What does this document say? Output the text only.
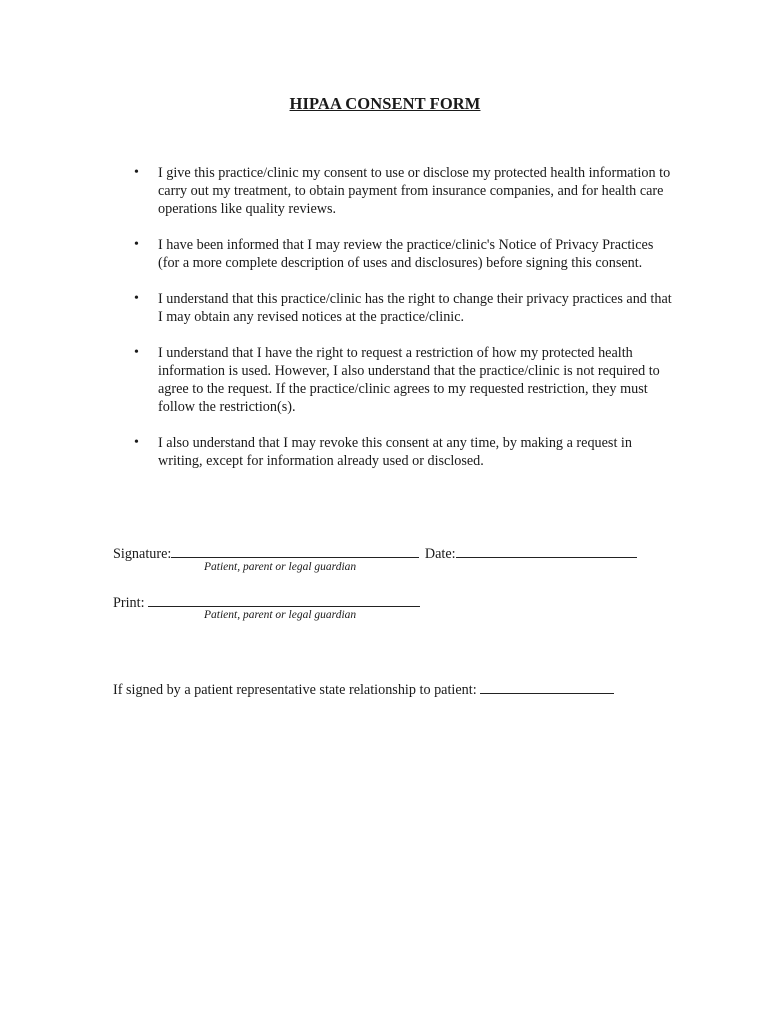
HIPAA CONSENT FORM
• I give this practice/clinic my consent to use or disclose my protected health information to carry out my treatment, to obtain payment from insurance companies, and for health care operations like quality reviews.
• I have been informed that I may review the practice/clinic's Notice of Privacy Practices (for a more complete description of uses and disclosures) before signing this consent.
• I understand that this practice/clinic has the right to change their privacy practices and that I may obtain any revised notices at the practice/clinic.
• I understand that I have the right to request a restriction of how my protected health information is used. However, I also understand that the practice/clinic is not required to agree to the request. If the practice/clinic agrees to my requested restriction, they must follow the restriction(s).
• I also understand that I may revoke this consent at any time, by making a request in writing, except for information already used or disclosed.
Signature:	Date:
Patient, parent or legal guardian
Print:
Patient, parent or legal guardian
If signed by a patient representative state relationship to patient:
